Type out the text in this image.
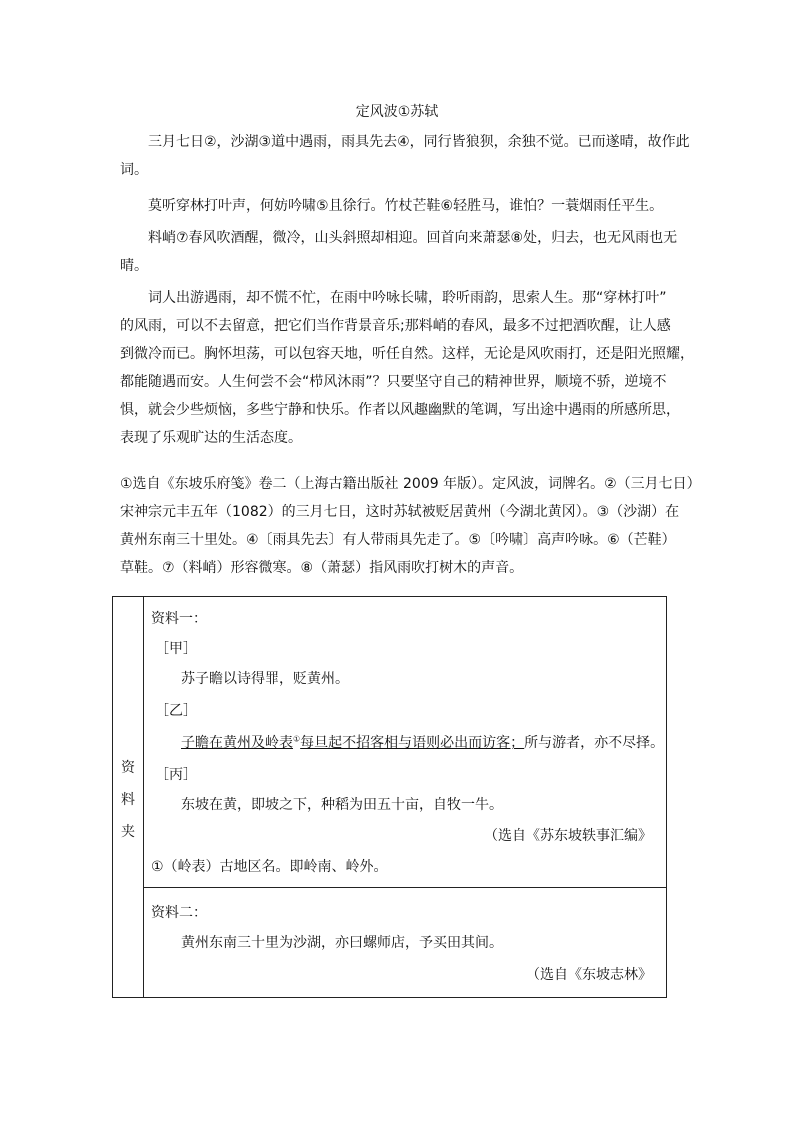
定风波①苏轼
三月七日②，沙湖③道中遇雨，雨具先去④，同行皆狼狈，余独不觉。已而遂晴，故作此
词。
莫听穿林打叶声，何妨吟啸⑤且徐行。竹杖芒鞋⑥轻胜马，谁怕？一蓑烟雨任平生。
料峭⑦春风吹酒醒，微冷，山头斜照却相迎。回首向来萧瑟⑧处，归去，也无风雨也无
晴。
词人出游遇雨，却不慌不忙，在雨中吟咏长啸，聆听雨韵，思索人生。那“穿林打叶”
的风雨，可以不去留意，把它们当作背景音乐;那料峭的春风，最多不过把酒吹醒，让人感
到微冷而已。胸怀坦荡，可以包容天地，听任自然。这样，无论是风吹雨打，还是阳光照耀，
都能随遇而安。人生何尝不会“栉风沐雨”？只要坚守自己的精神世界，顺境不骄，逆境不
惧，就会少些烦恼，多些宁静和快乐。作者以风趣幽默的笔调，写出途中遇雨的所感所思，
表现了乐观旷达的生活态度。
①选自《东坡乐府笺》卷二（上海古籍出版社 2009 年版）。定风波，词牌名。②（三月七日）
宋神宗元丰五年（1082）的三月七日，这时苏轼被贬居黄州（今湖北黄冈）。③（沙湖）在
黄州东南三十里处。④〔雨具先去〕有人带雨具先走了。⑤〔吟啸〕高声吟咏。⑥（芒鞋）
草鞋。⑦（料峭）形容微寒。⑧（萧瑟）指风雨吹打树木的声音。
资
料
夹
资料一：
［甲］
苏子瞻以诗得罪，贬黄州。
［乙］
子瞻在黄州及岭表①每旦起不招客相与语则必出而访客；所与游者，亦不尽择。
［丙］
东坡在黄，即坡之下，种稻为田五十亩，自牧一牛。
（选自《苏东坡轶事汇编》
①（岭表）古地区名。即岭南、岭外。
资料二：
黄州东南三十里为沙湖，亦曰螺师店，予买田其间。
（选自《东坡志林》
